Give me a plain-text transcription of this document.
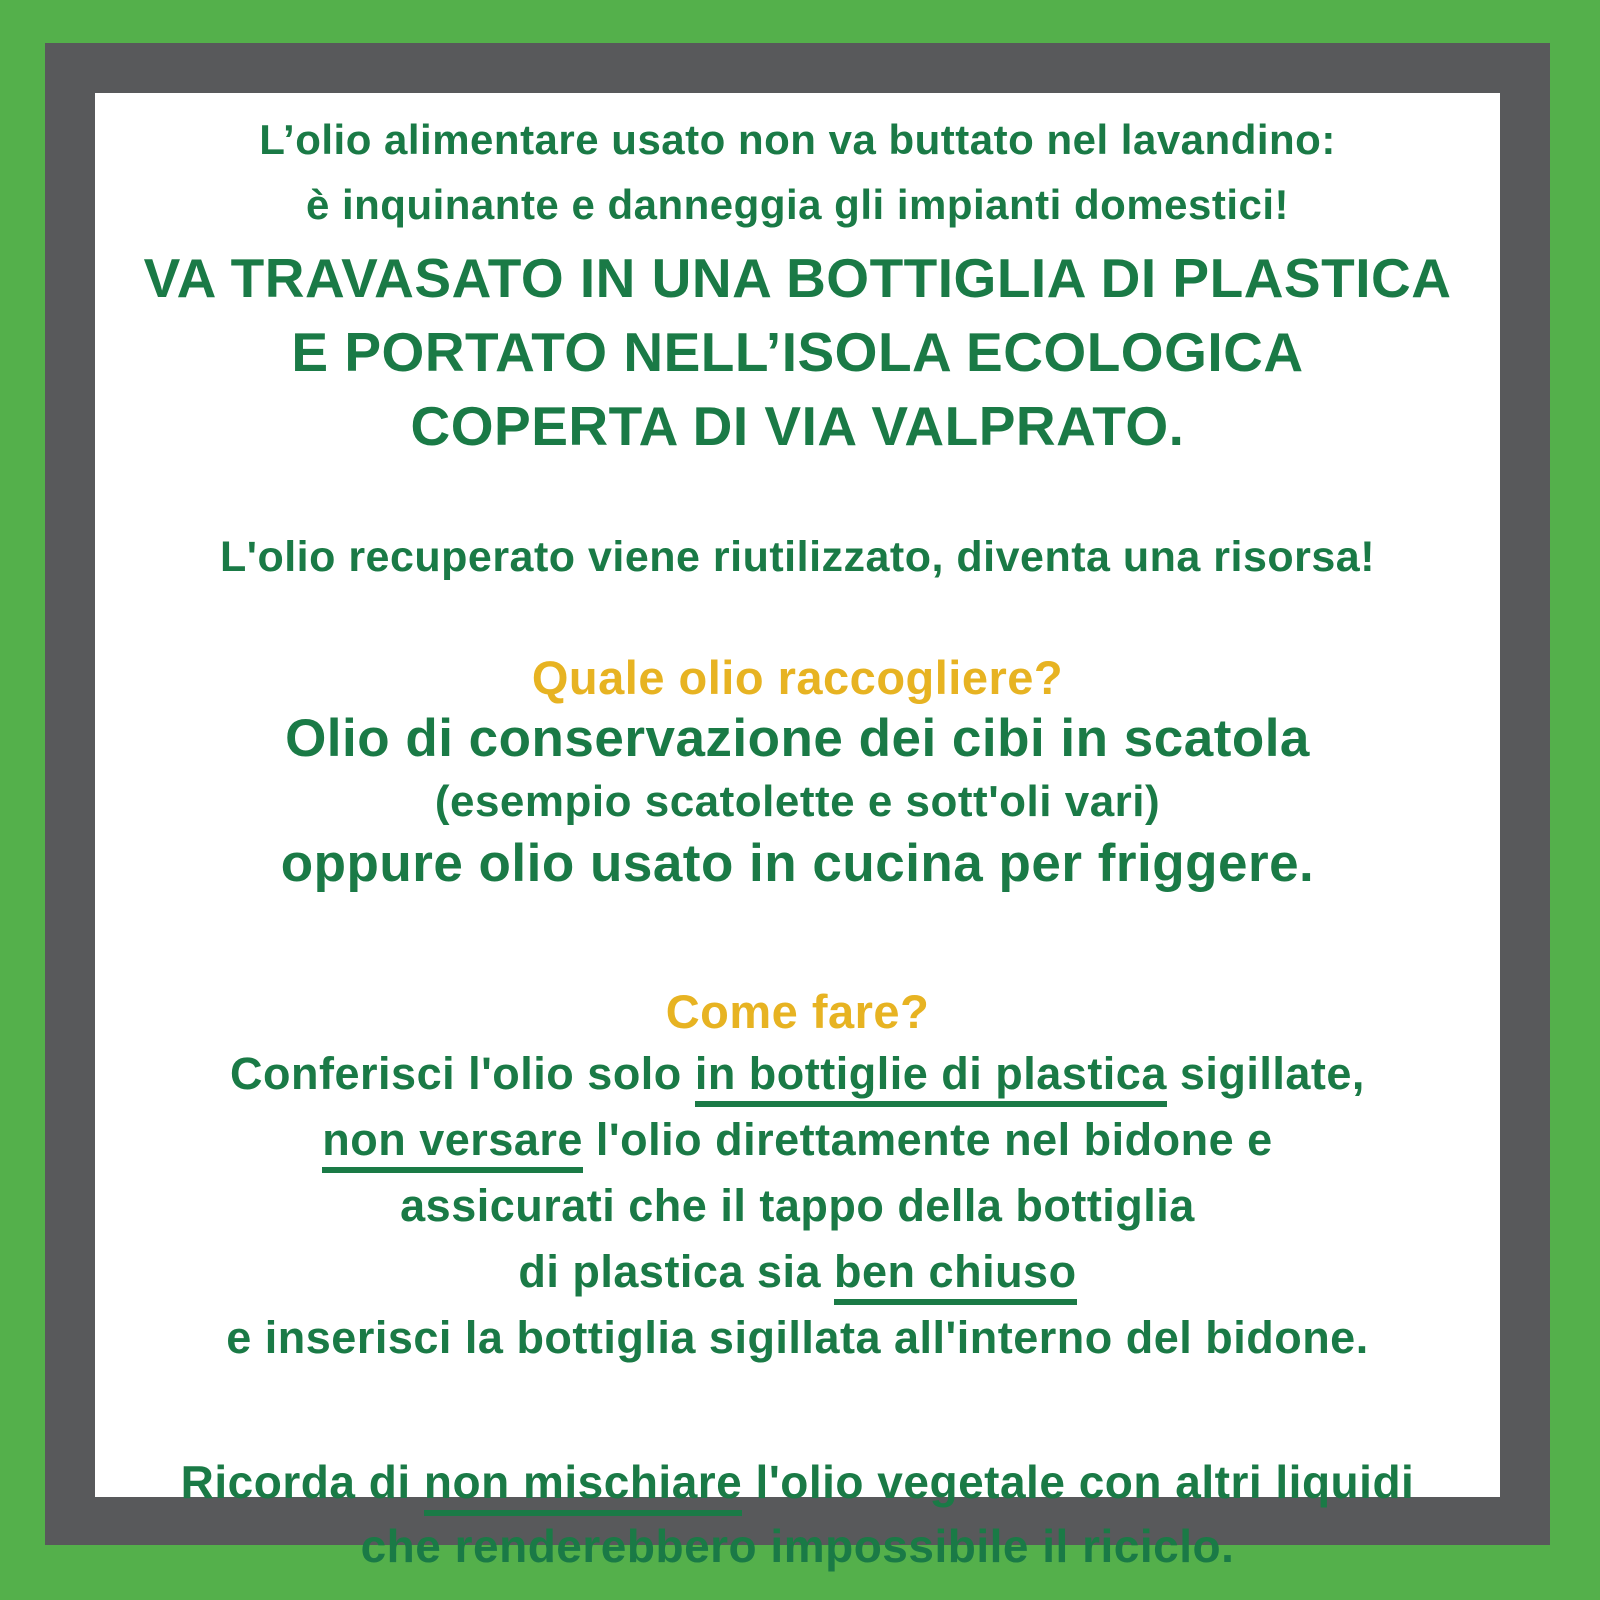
L’olio alimentare usato non va buttato nel lavandino:

è inquinante e danneggia gli impianti domestici!

VA TRAVASATO IN UNA BOTTIGLIA DI PLASTICA

E PORTATO NELL’ISOLA ECOLOGICA

COPERTA DI VIA VALPRATO.

L'olio recuperato viene riutilizzato, diventa una risorsa!

Quale olio raccogliere?

Olio di conservazione dei cibi in scatola

(esempio scatolette e sott'oli vari)

oppure olio usato in cucina per friggere.

Come fare?

Conferisci l'olio solo in bottiglie di plastica sigillate,

non versare l'olio direttamente nel bidone e

assicurati che il tappo della bottiglia

di plastica sia ben chiuso

e inserisci la bottiglia sigillata all'interno del bidone.

Ricorda di non mischiare l'olio vegetale con altri liquidi

che renderebbero impossibile il riciclo.
